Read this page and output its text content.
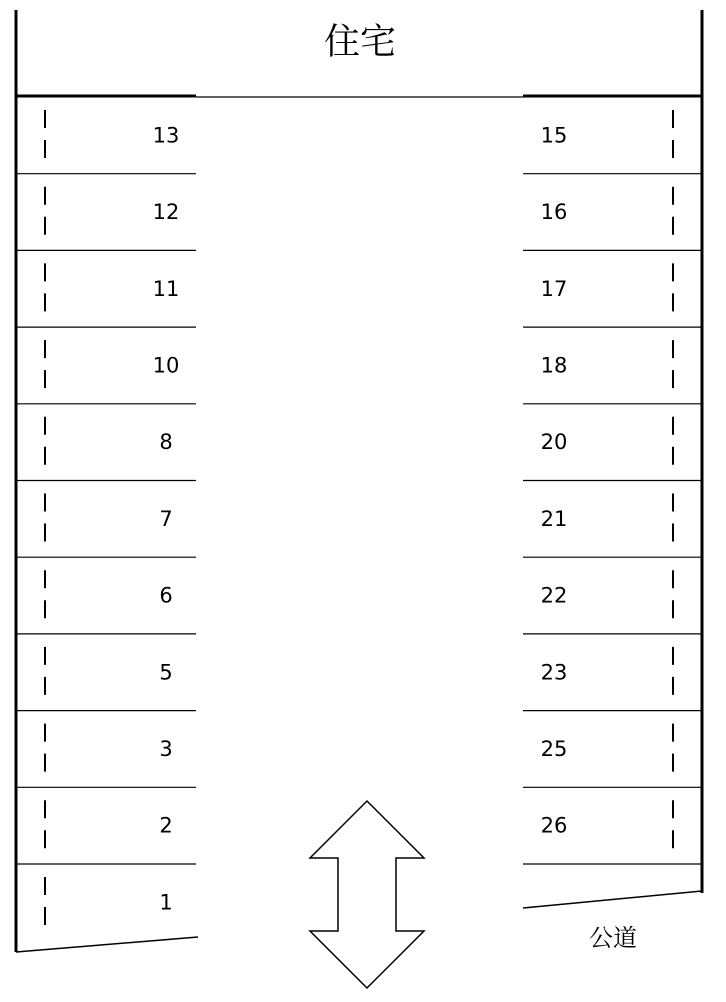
住宅
13
12
11
10
8
7
6
5
3
2
1
15
16
17
18
20
21
22
23
25
26
公道
